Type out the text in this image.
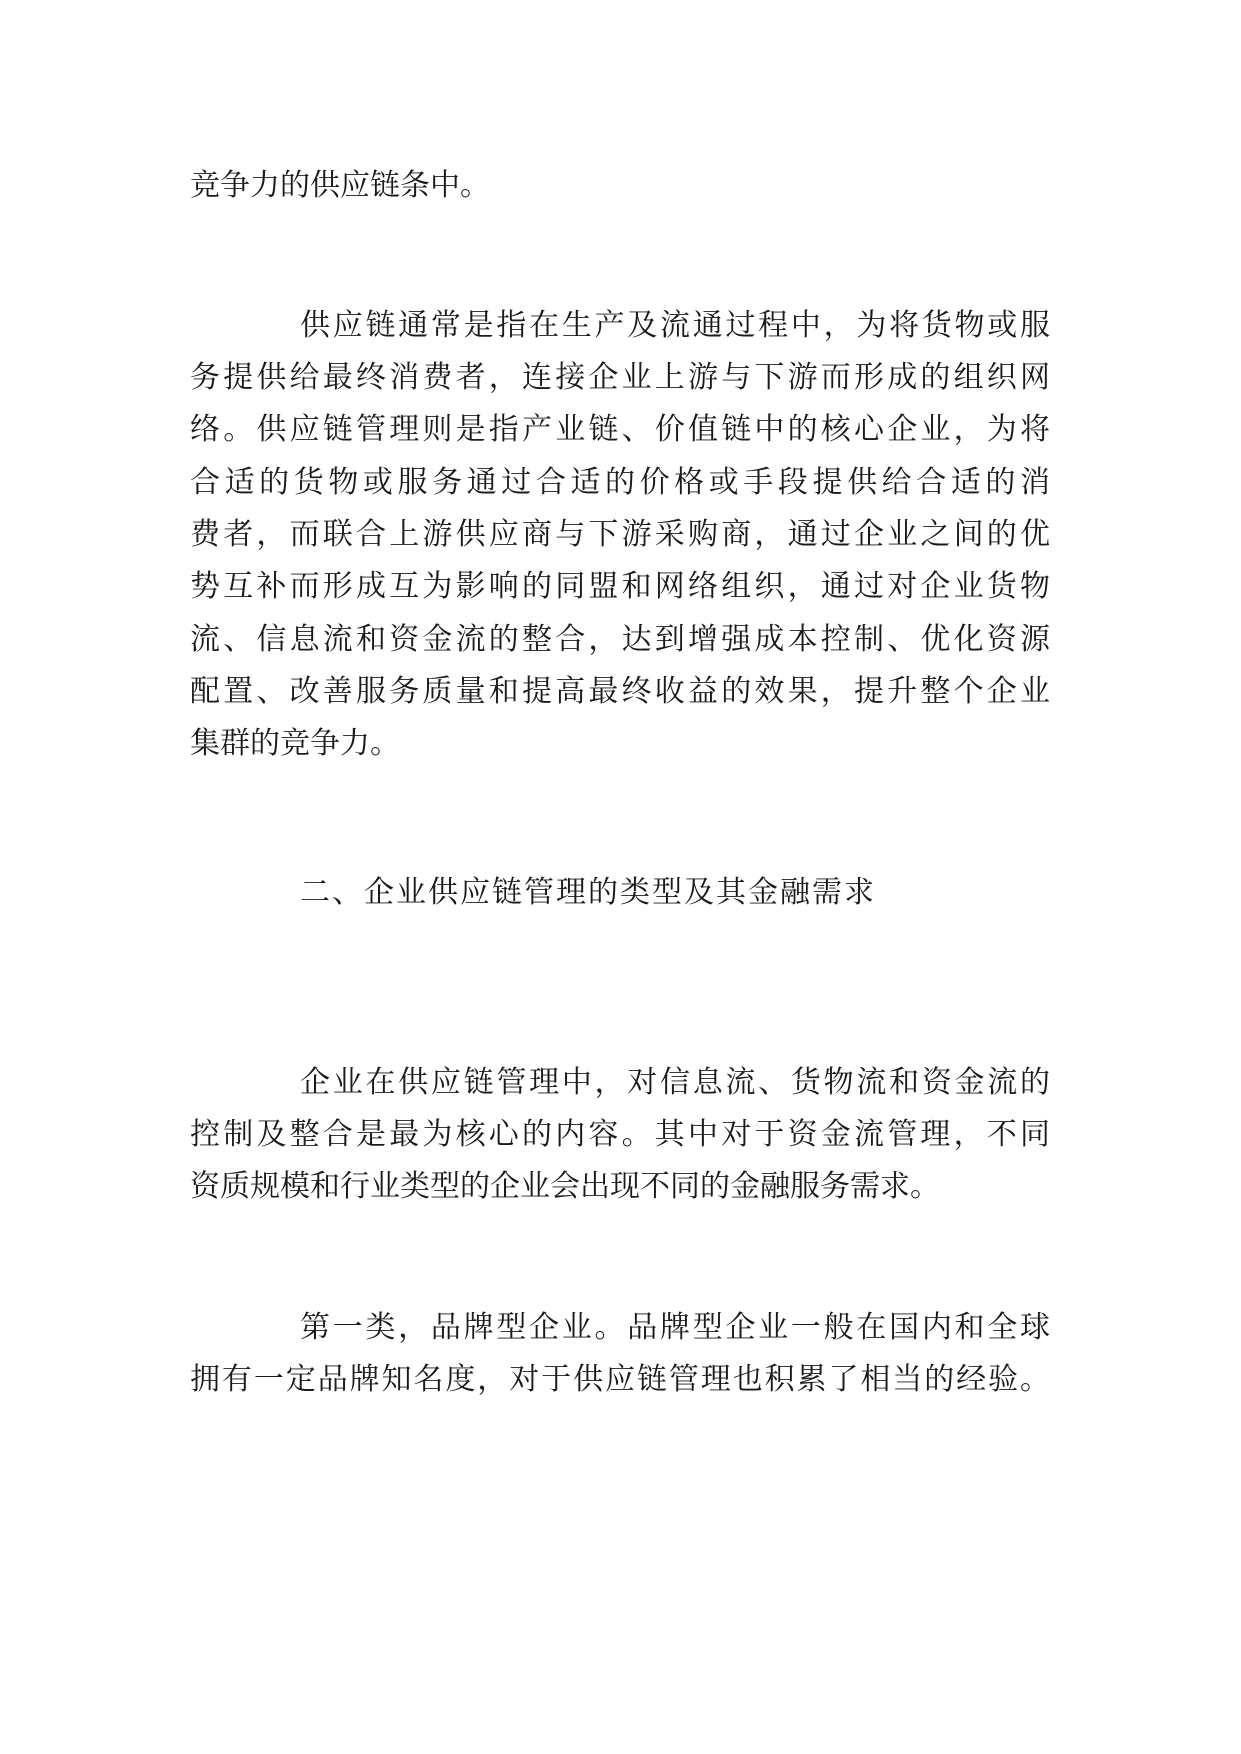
竞争力的供应链条中。
供应链通常是指在生产及流通过程中，为将货物或服
务提供给最终消费者，连接企业上游与下游而形成的组织网
络。供应链管理则是指产业链、价值链中的核心企业，为将
合适的货物或服务通过合适的价格或手段提供给合适的消
费者，而联合上游供应商与下游采购商，通过企业之间的优
势互补而形成互为影响的同盟和网络组织，通过对企业货物
流、信息流和资金流的整合，达到增强成本控制、优化资源
配置、改善服务质量和提高最终收益的效果，提升整个企业
集群的竞争力。
二、企业供应链管理的类型及其金融需求
企业在供应链管理中，对信息流、货物流和资金流的
控制及整合是最为核心的内容。其中对于资金流管理，不同
资质规模和行业类型的企业会出现不同的金融服务需求。
第一类，品牌型企业。品牌型企业一般在国内和全球
拥有一定品牌知名度，对于供应链管理也积累了相当的经验。
